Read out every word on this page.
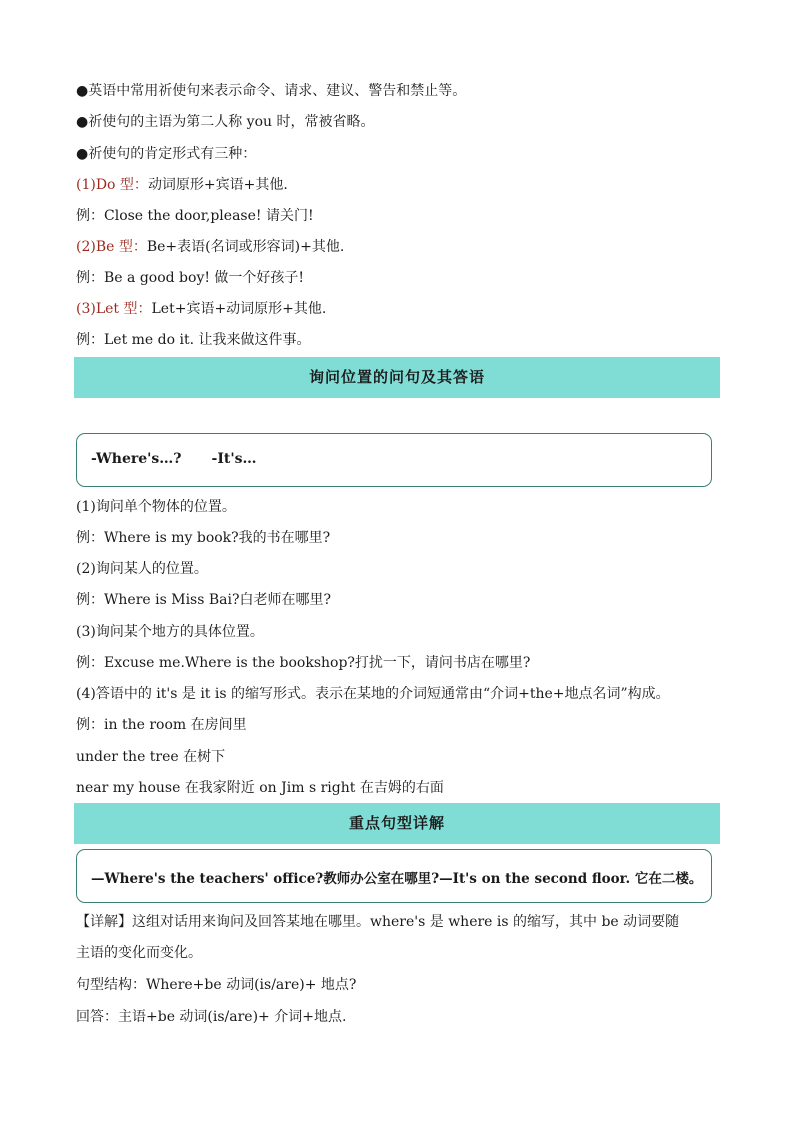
●英语中常用祈使句来表示命令、请求、建议、警告和禁止等。
●祈使句的主语为第二人称 you 时，常被省略。
●祈使句的肯定形式有三种：
(1)Do 型：动词原形+宾语+其他.
例：Close the door,please! 请关门!
(2)Be 型：Be+表语(名词或形容词)+其他.
例：Be a good boy! 做一个好孩子!
(3)Let 型：Let+宾语+动词原形+其他.
例：Let me do it. 让我来做这件事。
询问位置的问句及其答语
-Where's…? -It's…
(1)询问单个物体的位置。
例：Where is my book?我的书在哪里?
(2)询问某人的位置。
例：Where is Miss Bai?白老师在哪里?
(3)询问某个地方的具体位置。
例：Excuse me.Where is the bookshop?打扰一下，请问书店在哪里?
(4)答语中的 it's 是 it is 的缩写形式。表示在某地的介词短通常由“介词+the+地点名词”构成。
例：in the room 在房间里
under the tree 在树下
near my house 在我家附近 on Jim s right 在吉姆的右面
重点句型详解
—Where's the teachers' office?教师办公室在哪里?—It's on the second floor. 它在二楼。
【详解】这组对话用来询问及回答某地在哪里。where's 是 where is 的缩写，其中 be 动词要随
主语的变化而变化。
句型结构：Where+be 动词(is/are)+ 地点?
回答：主语+be 动词(is/are)+ 介词+地点.
